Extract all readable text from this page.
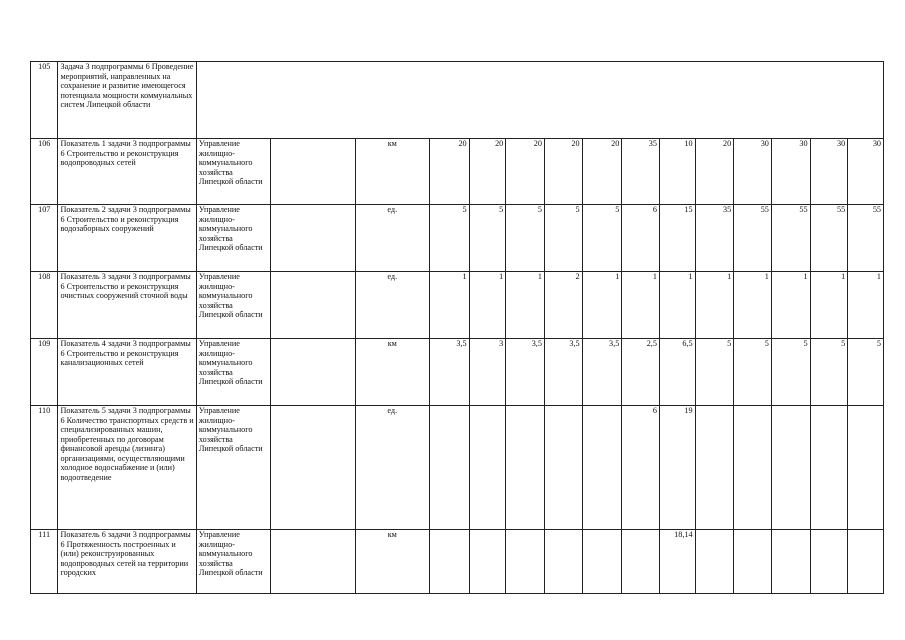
105	Задача 3 подпрограммы 6 Проведение мероприятий, направленных на сохранение и развитие имеющегося потенциала мощности коммунальных систем Липецкой области															
106	Показатель 1 задачи 3 подпрограммы 6 Строительство и реконструкция водопроводных сетей	Управление жилищно-коммунального хозяйства Липецкой области		км	20	20	20	20	20	35	10	20	30	30	30	30
107	Показатель 2 задачи 3 подпрограммы 6 Строительство и реконструкция водозаборных сооружений	Управление жилищно-коммунального хозяйства Липецкой области		ед.	5	5	5	5	5	6	15	35	55	55	55	55
108	Показатель 3 задачи 3 подпрограммы 6 Строительство и реконструкция очистных сооружений сточной воды	Управление жилищно-коммунального хозяйства Липецкой области		ед.	1	1	1	2	1	1	1	1	1	1	1	1
109	Показатель 4 задачи 3 подпрограммы 6 Строительство и реконструкция канализационных сетей	Управление жилищно-коммунального хозяйства Липецкой области		км	3,5	3	3,5	3,5	3,5	2,5	6,5	5	5	5	5	5
110	Показатель 5 задачи 3 подпрограммы 6 Количество транспортных средств и специализированных машин, приобретенных по договорам финансовой аренды (лизинга) организациями, осуществляющими холодное водоснабжение и (или) водоотведение	Управление жилищно-коммунального хозяйства Липецкой области		ед.						6	19					
111	Показатель 6 задачи 3 подпрограммы 6 Протяженность построенных и (или) реконструированных водопроводных сетей на территории городских	Управление жилищно-коммунального хозяйства Липецкой области		км							18,14					
